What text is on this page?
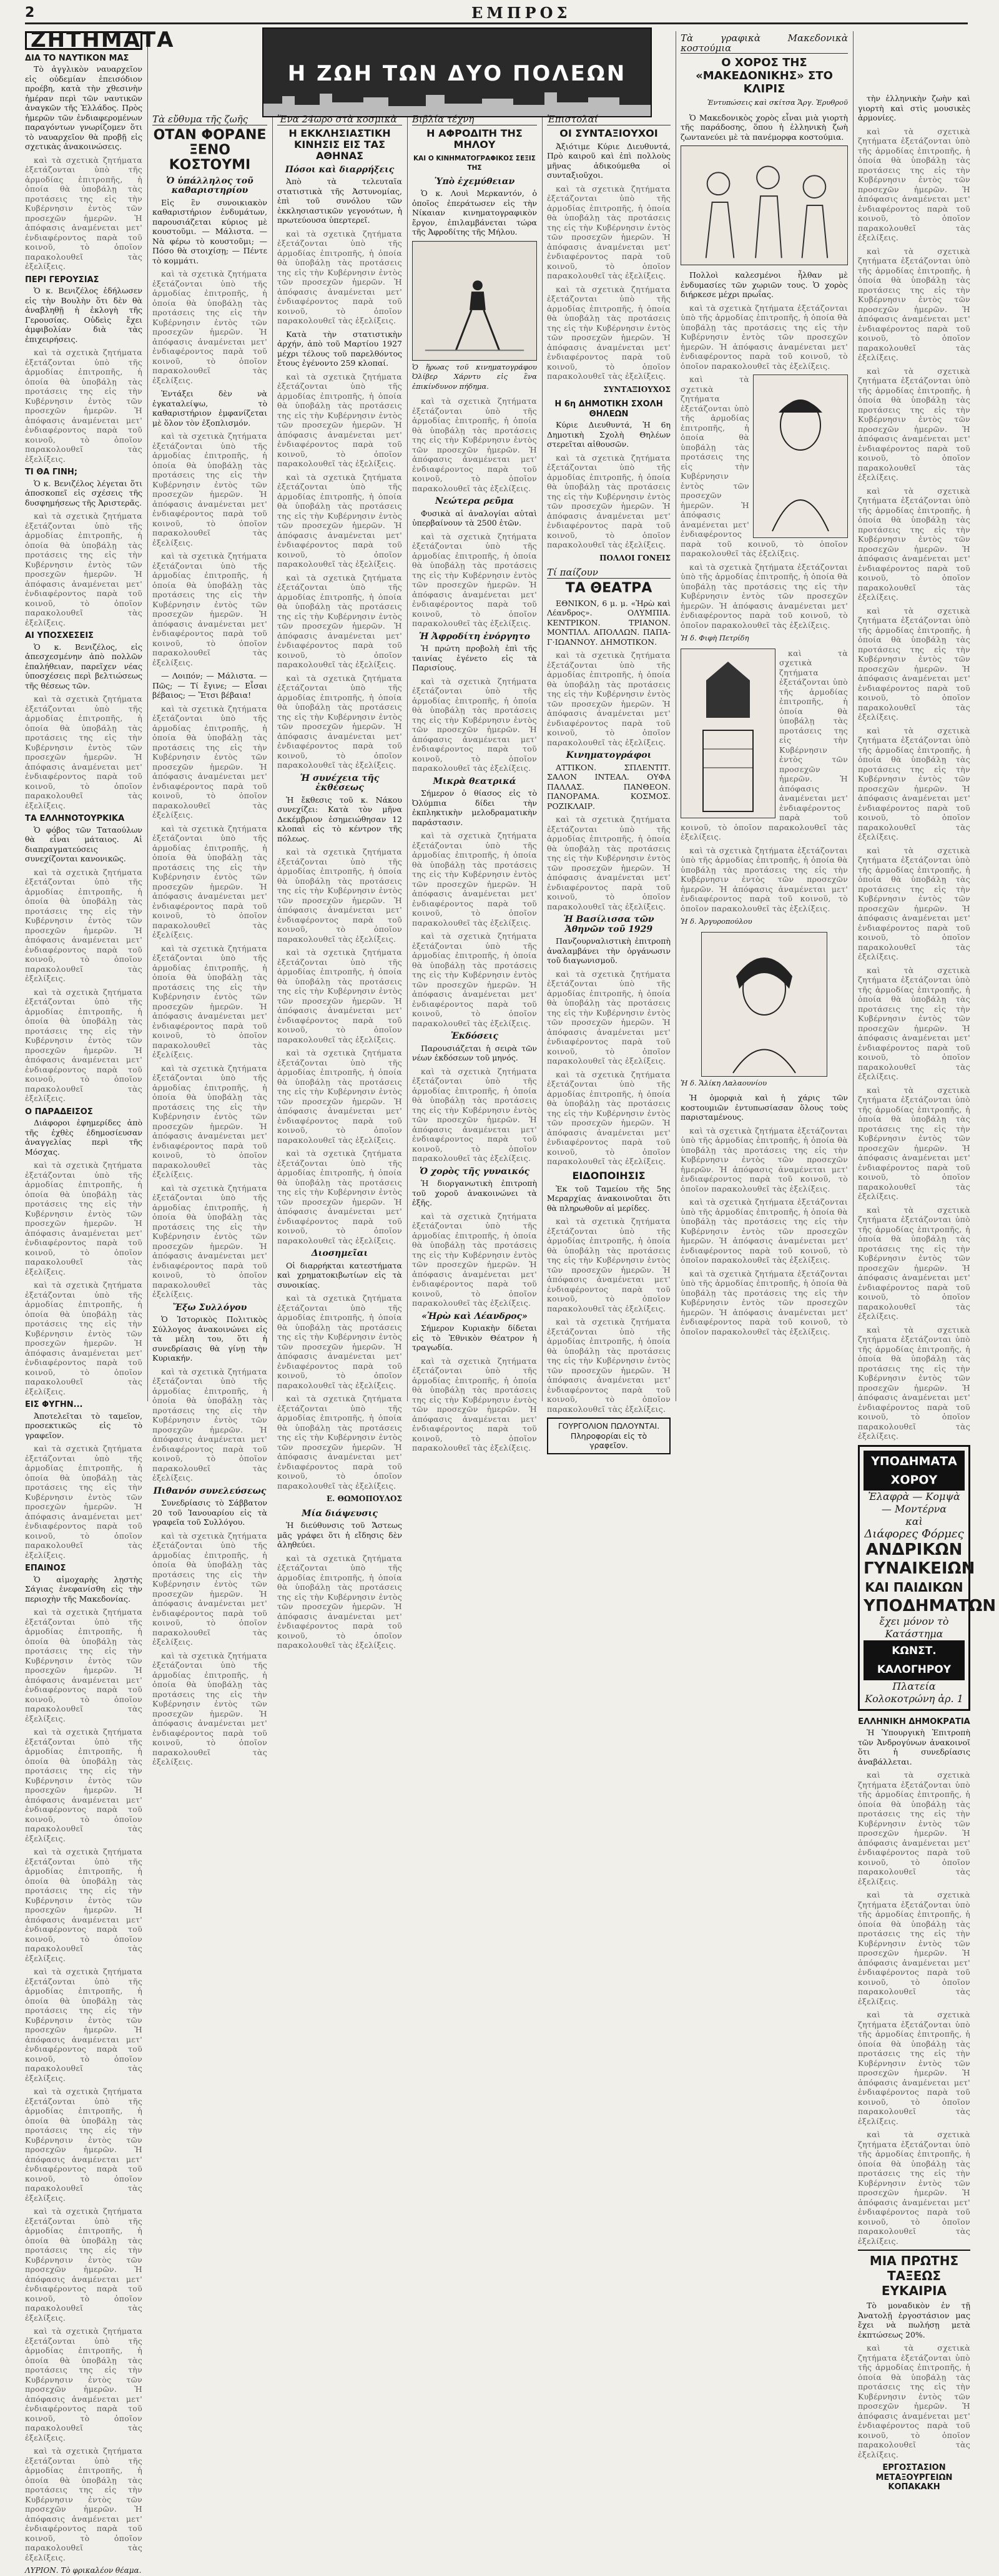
2	ΕΜΠΡΟΣ
Η ΖΩΗ ΤΩΝ ΔΥΟ ΠΟΛΕΩΝ
ΖΗΤΗΜΑΤΑ
ΔΙΑ ΤΟ ΝΑΥΤΙΚΟΝ ΜΑΣ

Τὸ ἀγγλικὸν ναυαρχεῖον εἰς οὐδεμίαν ἐπεισόδιον προέβη, κατὰ τὴν χθεσινὴν ἡμέραν περὶ τῶν ναυτικῶν ἀναγκῶν τῆς Ἑλλάδος. Πρὸς ἡμερῶν τῶν ἐνδιαφερομένων παραγόντων γνωρίζομεν ὅτι τὸ ναυαρχεῖον θὰ προβῇ εἰς σχετικὰς ἀνακοινώσεις.

καὶ τὰ σχετικὰ ζητήματα ἐξετάζονται ὑπὸ τῆς ἁρμοδίας ἐπιτροπῆς, ἡ ὁποία θὰ ὑποβάλῃ τὰς προτάσεις της εἰς τὴν Κυβέρνησιν ἐντὸς τῶν προσεχῶν ἡμερῶν. Ἡ ἀπόφασις ἀναμένεται μετ' ἐνδιαφέροντος παρὰ τοῦ κοινοῦ, τὸ ὁποῖον παρακολουθεῖ τὰς ἐξελίξεις.

ΠΕΡΙ ΓΕΡΟΥΣΙΑΣ

Ὁ κ. Βενιζέλος ἐδήλωσεν εἰς τὴν Βουλὴν ὅτι δὲν θὰ ἀναβληθῇ ἡ ἐκλογὴ τῆς Γερουσίας. Οὐδεὶς ἔχει ἀμφιβολίαν διὰ τὰς ἐπιχειρήσεις.

καὶ τὰ σχετικὰ ζητήματα ἐξετάζονται ὑπὸ τῆς ἁρμοδίας ἐπιτροπῆς, ἡ ὁποία θὰ ὑποβάλῃ τὰς προτάσεις της εἰς τὴν Κυβέρνησιν ἐντὸς τῶν προσεχῶν ἡμερῶν. Ἡ ἀπόφασις ἀναμένεται μετ' ἐνδιαφέροντος παρὰ τοῦ κοινοῦ, τὸ ὁποῖον παρακολουθεῖ τὰς ἐξελίξεις.

ΤΙ ΘΑ ΓΙΝΗ;

Ὁ κ. Βενιζέλος λέγεται ὅτι ἀποσκοπεῖ εἰς σχέσεις τῆς δυσφημήσεως τῆς Ἀριστερᾶς.

καὶ τὰ σχετικὰ ζητήματα ἐξετάζονται ὑπὸ τῆς ἁρμοδίας ἐπιτροπῆς, ἡ ὁποία θὰ ὑποβάλῃ τὰς προτάσεις της εἰς τὴν Κυβέρνησιν ἐντὸς τῶν προσεχῶν ἡμερῶν. Ἡ ἀπόφασις ἀναμένεται μετ' ἐνδιαφέροντος παρὰ τοῦ κοινοῦ, τὸ ὁποῖον παρακολουθεῖ τὰς ἐξελίξεις.

ΑΙ ΥΠΟΣΧΕΣΕΙΣ

Ὁ κ. Βενιζέλος, εἰς ἀπεσχεσμένην ἀπὸ πολλῶν ἐπαλήθειαν, παρεῖχεν νέας ὑποσχέσεις περὶ βελτιώσεως τῆς θέσεως τῶν.

καὶ τὰ σχετικὰ ζητήματα ἐξετάζονται ὑπὸ τῆς ἁρμοδίας ἐπιτροπῆς, ἡ ὁποία θὰ ὑποβάλῃ τὰς προτάσεις της εἰς τὴν Κυβέρνησιν ἐντὸς τῶν προσεχῶν ἡμερῶν. Ἡ ἀπόφασις ἀναμένεται μετ' ἐνδιαφέροντος παρὰ τοῦ κοινοῦ, τὸ ὁποῖον παρακολουθεῖ τὰς ἐξελίξεις.

ΤΑ ΕΛΛΗΝΟΤΟΥΡΚΙΚΑ

Ὁ φόβος τῶν Ταταούλων θὰ εἶναι μάταιος. Αἱ διαπραγματεύσεις συνεχίζονται κανονικῶς.

καὶ τὰ σχετικὰ ζητήματα ἐξετάζονται ὑπὸ τῆς ἁρμοδίας ἐπιτροπῆς, ἡ ὁποία θὰ ὑποβάλῃ τὰς προτάσεις της εἰς τὴν Κυβέρνησιν ἐντὸς τῶν προσεχῶν ἡμερῶν. Ἡ ἀπόφασις ἀναμένεται μετ' ἐνδιαφέροντος παρὰ τοῦ κοινοῦ, τὸ ὁποῖον παρακολουθεῖ τὰς ἐξελίξεις.

καὶ τὰ σχετικὰ ζητήματα ἐξετάζονται ὑπὸ τῆς ἁρμοδίας ἐπιτροπῆς, ἡ ὁποία θὰ ὑποβάλῃ τὰς προτάσεις της εἰς τὴν Κυβέρνησιν ἐντὸς τῶν προσεχῶν ἡμερῶν. Ἡ ἀπόφασις ἀναμένεται μετ' ἐνδιαφέροντος παρὰ τοῦ κοινοῦ, τὸ ὁποῖον παρακολουθεῖ τὰς ἐξελίξεις.

Ο ΠΑΡΑΔΕΙΣΟΣ

Διάφοροι ἐφημερίδες ἀπὸ τῆς ἐχθὲς ἐδημοσίευσαν ἀναγγελίας περὶ τῆς Μόσχας.

καὶ τὰ σχετικὰ ζητήματα ἐξετάζονται ὑπὸ τῆς ἁρμοδίας ἐπιτροπῆς, ἡ ὁποία θὰ ὑποβάλῃ τὰς προτάσεις της εἰς τὴν Κυβέρνησιν ἐντὸς τῶν προσεχῶν ἡμερῶν. Ἡ ἀπόφασις ἀναμένεται μετ' ἐνδιαφέροντος παρὰ τοῦ κοινοῦ, τὸ ὁποῖον παρακολουθεῖ τὰς ἐξελίξεις.

καὶ τὰ σχετικὰ ζητήματα ἐξετάζονται ὑπὸ τῆς ἁρμοδίας ἐπιτροπῆς, ἡ ὁποία θὰ ὑποβάλῃ τὰς προτάσεις της εἰς τὴν Κυβέρνησιν ἐντὸς τῶν προσεχῶν ἡμερῶν. Ἡ ἀπόφασις ἀναμένεται μετ' ἐνδιαφέροντος παρὰ τοῦ κοινοῦ, τὸ ὁποῖον παρακολουθεῖ τὰς ἐξελίξεις.

ΕΙΣ ΦΥΓΗΝ...

Ἀποτελεῖται τὸ ταμεῖον, προσεκτικῶς εἰς τὸ γραφεῖον.

καὶ τὰ σχετικὰ ζητήματα ἐξετάζονται ὑπὸ τῆς ἁρμοδίας ἐπιτροπῆς, ἡ ὁποία θὰ ὑποβάλῃ τὰς προτάσεις της εἰς τὴν Κυβέρνησιν ἐντὸς τῶν προσεχῶν ἡμερῶν. Ἡ ἀπόφασις ἀναμένεται μετ' ἐνδιαφέροντος παρὰ τοῦ κοινοῦ, τὸ ὁποῖον παρακολουθεῖ τὰς ἐξελίξεις.

ΕΠΑΙΝΟΣ

Ὁ αἰμοχαρὴς λῃστὴς Σάγιας ἐνεφανίσθη εἰς τὴν περιοχὴν τῆς Μακεδονίας.

καὶ τὰ σχετικὰ ζητήματα ἐξετάζονται ὑπὸ τῆς ἁρμοδίας ἐπιτροπῆς, ἡ ὁποία θὰ ὑποβάλῃ τὰς προτάσεις της εἰς τὴν Κυβέρνησιν ἐντὸς τῶν προσεχῶν ἡμερῶν. Ἡ ἀπόφασις ἀναμένεται μετ' ἐνδιαφέροντος παρὰ τοῦ κοινοῦ, τὸ ὁποῖον παρακολουθεῖ τὰς ἐξελίξεις.

καὶ τὰ σχετικὰ ζητήματα ἐξετάζονται ὑπὸ τῆς ἁρμοδίας ἐπιτροπῆς, ἡ ὁποία θὰ ὑποβάλῃ τὰς προτάσεις της εἰς τὴν Κυβέρνησιν ἐντὸς τῶν προσεχῶν ἡμερῶν. Ἡ ἀπόφασις ἀναμένεται μετ' ἐνδιαφέροντος παρὰ τοῦ κοινοῦ, τὸ ὁποῖον παρακολουθεῖ τὰς ἐξελίξεις.

καὶ τὰ σχετικὰ ζητήματα ἐξετάζονται ὑπὸ τῆς ἁρμοδίας ἐπιτροπῆς, ἡ ὁποία θὰ ὑποβάλῃ τὰς προτάσεις της εἰς τὴν Κυβέρνησιν ἐντὸς τῶν προσεχῶν ἡμερῶν. Ἡ ἀπόφασις ἀναμένεται μετ' ἐνδιαφέροντος παρὰ τοῦ κοινοῦ, τὸ ὁποῖον παρακολουθεῖ τὰς ἐξελίξεις.

καὶ τὰ σχετικὰ ζητήματα ἐξετάζονται ὑπὸ τῆς ἁρμοδίας ἐπιτροπῆς, ἡ ὁποία θὰ ὑποβάλῃ τὰς προτάσεις της εἰς τὴν Κυβέρνησιν ἐντὸς τῶν προσεχῶν ἡμερῶν. Ἡ ἀπόφασις ἀναμένεται μετ' ἐνδιαφέροντος παρὰ τοῦ κοινοῦ, τὸ ὁποῖον παρακολουθεῖ τὰς ἐξελίξεις.

καὶ τὰ σχετικὰ ζητήματα ἐξετάζονται ὑπὸ τῆς ἁρμοδίας ἐπιτροπῆς, ἡ ὁποία θὰ ὑποβάλῃ τὰς προτάσεις της εἰς τὴν Κυβέρνησιν ἐντὸς τῶν προσεχῶν ἡμερῶν. Ἡ ἀπόφασις ἀναμένεται μετ' ἐνδιαφέροντος παρὰ τοῦ κοινοῦ, τὸ ὁποῖον παρακολουθεῖ τὰς ἐξελίξεις.

καὶ τὰ σχετικὰ ζητήματα ἐξετάζονται ὑπὸ τῆς ἁρμοδίας ἐπιτροπῆς, ἡ ὁποία θὰ ὑποβάλῃ τὰς προτάσεις της εἰς τὴν Κυβέρνησιν ἐντὸς τῶν προσεχῶν ἡμερῶν. Ἡ ἀπόφασις ἀναμένεται μετ' ἐνδιαφέροντος παρὰ τοῦ κοινοῦ, τὸ ὁποῖον παρακολουθεῖ τὰς ἐξελίξεις.

καὶ τὰ σχετικὰ ζητήματα ἐξετάζονται ὑπὸ τῆς ἁρμοδίας ἐπιτροπῆς, ἡ ὁποία θὰ ὑποβάλῃ τὰς προτάσεις της εἰς τὴν Κυβέρνησιν ἐντὸς τῶν προσεχῶν ἡμερῶν. Ἡ ἀπόφασις ἀναμένεται μετ' ἐνδιαφέροντος παρὰ τοῦ κοινοῦ, τὸ ὁποῖον παρακολουθεῖ τὰς ἐξελίξεις.

καὶ τὰ σχετικὰ ζητήματα ἐξετάζονται ὑπὸ τῆς ἁρμοδίας ἐπιτροπῆς, ἡ ὁποία θὰ ὑποβάλῃ τὰς προτάσεις της εἰς τὴν Κυβέρνησιν ἐντὸς τῶν προσεχῶν ἡμερῶν. Ἡ ἀπόφασις ἀναμένεται μετ' ἐνδιαφέροντος παρὰ τοῦ κοινοῦ, τὸ ὁποῖον παρακολουθεῖ τὰς ἐξελίξεις.

ΛΥΡΙΟΝ. Τὸ φρικαλέον θέαμα.
Τὰ εὔθυμα τῆς ζωῆς
ΟΤΑΝ ΦΟΡΑΝΕ ΞΕΝΟ ΚΟΣΤΟΥΜΙ
Ὁ ὑπάλληλος τοῦ καθαριστηρίου

Εἰς ἓν συνοικιακὸν καθαριστήριον ἐνδυμάτων, παρουσιάζεται κύριος μὲ κουστοῦμι. — Μάλιστα. — Νὰ φέρω τὸ κουστοῦμι; — Πόσο θὰ στοιχίσῃ; — Πέντε τὸ κομμάτι.

καὶ τὰ σχετικὰ ζητήματα ἐξετάζονται ὑπὸ τῆς ἁρμοδίας ἐπιτροπῆς, ἡ ὁποία θὰ ὑποβάλῃ τὰς προτάσεις της εἰς τὴν Κυβέρνησιν ἐντὸς τῶν προσεχῶν ἡμερῶν. Ἡ ἀπόφασις ἀναμένεται μετ' ἐνδιαφέροντος παρὰ τοῦ κοινοῦ, τὸ ὁποῖον παρακολουθεῖ τὰς ἐξελίξεις.

Ἐντάξει δὲν νὰ ἐγκαταλείψω, τὸ καθαριστήριον ἐμφανίζεται μὲ ὅλον τὸν ἐξοπλισμόν.

καὶ τὰ σχετικὰ ζητήματα ἐξετάζονται ὑπὸ τῆς ἁρμοδίας ἐπιτροπῆς, ἡ ὁποία θὰ ὑποβάλῃ τὰς προτάσεις της εἰς τὴν Κυβέρνησιν ἐντὸς τῶν προσεχῶν ἡμερῶν. Ἡ ἀπόφασις ἀναμένεται μετ' ἐνδιαφέροντος παρὰ τοῦ κοινοῦ, τὸ ὁποῖον παρακολουθεῖ τὰς ἐξελίξεις.

καὶ τὰ σχετικὰ ζητήματα ἐξετάζονται ὑπὸ τῆς ἁρμοδίας ἐπιτροπῆς, ἡ ὁποία θὰ ὑποβάλῃ τὰς προτάσεις της εἰς τὴν Κυβέρνησιν ἐντὸς τῶν προσεχῶν ἡμερῶν. Ἡ ἀπόφασις ἀναμένεται μετ' ἐνδιαφέροντος παρὰ τοῦ κοινοῦ, τὸ ὁποῖον παρακολουθεῖ τὰς ἐξελίξεις.

— Λοιπόν; — Μάλιστα. — Πῶς; — Τί ἔγινε; — Εἶσαι βέβαιος; — Ἔτσι βέβαια!

καὶ τὰ σχετικὰ ζητήματα ἐξετάζονται ὑπὸ τῆς ἁρμοδίας ἐπιτροπῆς, ἡ ὁποία θὰ ὑποβάλῃ τὰς προτάσεις της εἰς τὴν Κυβέρνησιν ἐντὸς τῶν προσεχῶν ἡμερῶν. Ἡ ἀπόφασις ἀναμένεται μετ' ἐνδιαφέροντος παρὰ τοῦ κοινοῦ, τὸ ὁποῖον παρακολουθεῖ τὰς ἐξελίξεις.

καὶ τὰ σχετικὰ ζητήματα ἐξετάζονται ὑπὸ τῆς ἁρμοδίας ἐπιτροπῆς, ἡ ὁποία θὰ ὑποβάλῃ τὰς προτάσεις της εἰς τὴν Κυβέρνησιν ἐντὸς τῶν προσεχῶν ἡμερῶν. Ἡ ἀπόφασις ἀναμένεται μετ' ἐνδιαφέροντος παρὰ τοῦ κοινοῦ, τὸ ὁποῖον παρακολουθεῖ τὰς ἐξελίξεις.

καὶ τὰ σχετικὰ ζητήματα ἐξετάζονται ὑπὸ τῆς ἁρμοδίας ἐπιτροπῆς, ἡ ὁποία θὰ ὑποβάλῃ τὰς προτάσεις της εἰς τὴν Κυβέρνησιν ἐντὸς τῶν προσεχῶν ἡμερῶν. Ἡ ἀπόφασις ἀναμένεται μετ' ἐνδιαφέροντος παρὰ τοῦ κοινοῦ, τὸ ὁποῖον παρακολουθεῖ τὰς ἐξελίξεις.

καὶ τὰ σχετικὰ ζητήματα ἐξετάζονται ὑπὸ τῆς ἁρμοδίας ἐπιτροπῆς, ἡ ὁποία θὰ ὑποβάλῃ τὰς προτάσεις της εἰς τὴν Κυβέρνησιν ἐντὸς τῶν προσεχῶν ἡμερῶν. Ἡ ἀπόφασις ἀναμένεται μετ' ἐνδιαφέροντος παρὰ τοῦ κοινοῦ, τὸ ὁποῖον παρακολουθεῖ τὰς ἐξελίξεις.

καὶ τὰ σχετικὰ ζητήματα ἐξετάζονται ὑπὸ τῆς ἁρμοδίας ἐπιτροπῆς, ἡ ὁποία θὰ ὑποβάλῃ τὰς προτάσεις της εἰς τὴν Κυβέρνησιν ἐντὸς τῶν προσεχῶν ἡμερῶν. Ἡ ἀπόφασις ἀναμένεται μετ' ἐνδιαφέροντος παρὰ τοῦ κοινοῦ, τὸ ὁποῖον παρακολουθεῖ τὰς ἐξελίξεις.

Ἔξω Συλλόγου

Ὁ Ἱστορικὸς Πολιτικὸς Σύλλογος ἀνακοινώνει εἰς τὰ μέλη του, ὅτι ἡ συνεδρίασις θὰ γίνῃ τὴν Κυριακήν.

καὶ τὰ σχετικὰ ζητήματα ἐξετάζονται ὑπὸ τῆς ἁρμοδίας ἐπιτροπῆς, ἡ ὁποία θὰ ὑποβάλῃ τὰς προτάσεις της εἰς τὴν Κυβέρνησιν ἐντὸς τῶν προσεχῶν ἡμερῶν. Ἡ ἀπόφασις ἀναμένεται μετ' ἐνδιαφέροντος παρὰ τοῦ κοινοῦ, τὸ ὁποῖον παρακολουθεῖ τὰς ἐξελίξεις.

Πιθανόν συνελεύσεως

Συνεδρίασις τὸ Σάββατον 20 τοῦ Ἰανουαρίου εἰς τὰ γραφεῖα τοῦ Συλλόγου.

καὶ τὰ σχετικὰ ζητήματα ἐξετάζονται ὑπὸ τῆς ἁρμοδίας ἐπιτροπῆς, ἡ ὁποία θὰ ὑποβάλῃ τὰς προτάσεις της εἰς τὴν Κυβέρνησιν ἐντὸς τῶν προσεχῶν ἡμερῶν. Ἡ ἀπόφασις ἀναμένεται μετ' ἐνδιαφέροντος παρὰ τοῦ κοινοῦ, τὸ ὁποῖον παρακολουθεῖ τὰς ἐξελίξεις.

καὶ τὰ σχετικὰ ζητήματα ἐξετάζονται ὑπὸ τῆς ἁρμοδίας ἐπιτροπῆς, ἡ ὁποία θὰ ὑποβάλῃ τὰς προτάσεις της εἰς τὴν Κυβέρνησιν ἐντὸς τῶν προσεχῶν ἡμερῶν. Ἡ ἀπόφασις ἀναμένεται μετ' ἐνδιαφέροντος παρὰ τοῦ κοινοῦ, τὸ ὁποῖον παρακολουθεῖ τὰς ἐξελίξεις.

Ἕνα 24ωρο στὰ κοσμικὰ
Η ΕΚΚΛΗΣΙΑΣΤΙΚΗ ΚΙΝΗΣΙΣ ΕΙΣ ΤΑΣ ΑΘΗΝΑΣ
Πόσοι καὶ διαρρήξεις

Ἀπὸ τὰ τελευταῖα στατιστικὰ τῆς Ἀστυνομίας, ἐπὶ τοῦ συνόλου τῶν ἐκκλησιαστικῶν γεγονότων, ἡ πρωτεύουσα ὑπερτερεῖ.

καὶ τὰ σχετικὰ ζητήματα ἐξετάζονται ὑπὸ τῆς ἁρμοδίας ἐπιτροπῆς, ἡ ὁποία θὰ ὑποβάλῃ τὰς προτάσεις της εἰς τὴν Κυβέρνησιν ἐντὸς τῶν προσεχῶν ἡμερῶν. Ἡ ἀπόφασις ἀναμένεται μετ' ἐνδιαφέροντος παρὰ τοῦ κοινοῦ, τὸ ὁποῖον παρακολουθεῖ τὰς ἐξελίξεις.

Κατὰ τὴν στατιστικὴν ἀρχήν, ἀπὸ τοῦ Μαρτίου 1927 μέχρι τέλους τοῦ παρελθόντος ἔτους ἐγένοντο 259 κλοπαί.

καὶ τὰ σχετικὰ ζητήματα ἐξετάζονται ὑπὸ τῆς ἁρμοδίας ἐπιτροπῆς, ἡ ὁποία θὰ ὑποβάλῃ τὰς προτάσεις της εἰς τὴν Κυβέρνησιν ἐντὸς τῶν προσεχῶν ἡμερῶν. Ἡ ἀπόφασις ἀναμένεται μετ' ἐνδιαφέροντος παρὰ τοῦ κοινοῦ, τὸ ὁποῖον παρακολουθεῖ τὰς ἐξελίξεις.

καὶ τὰ σχετικὰ ζητήματα ἐξετάζονται ὑπὸ τῆς ἁρμοδίας ἐπιτροπῆς, ἡ ὁποία θὰ ὑποβάλῃ τὰς προτάσεις της εἰς τὴν Κυβέρνησιν ἐντὸς τῶν προσεχῶν ἡμερῶν. Ἡ ἀπόφασις ἀναμένεται μετ' ἐνδιαφέροντος παρὰ τοῦ κοινοῦ, τὸ ὁποῖον παρακολουθεῖ τὰς ἐξελίξεις.

καὶ τὰ σχετικὰ ζητήματα ἐξετάζονται ὑπὸ τῆς ἁρμοδίας ἐπιτροπῆς, ἡ ὁποία θὰ ὑποβάλῃ τὰς προτάσεις της εἰς τὴν Κυβέρνησιν ἐντὸς τῶν προσεχῶν ἡμερῶν. Ἡ ἀπόφασις ἀναμένεται μετ' ἐνδιαφέροντος παρὰ τοῦ κοινοῦ, τὸ ὁποῖον παρακολουθεῖ τὰς ἐξελίξεις.

καὶ τὰ σχετικὰ ζητήματα ἐξετάζονται ὑπὸ τῆς ἁρμοδίας ἐπιτροπῆς, ἡ ὁποία θὰ ὑποβάλῃ τὰς προτάσεις της εἰς τὴν Κυβέρνησιν ἐντὸς τῶν προσεχῶν ἡμερῶν. Ἡ ἀπόφασις ἀναμένεται μετ' ἐνδιαφέροντος παρὰ τοῦ κοινοῦ, τὸ ὁποῖον παρακολουθεῖ τὰς ἐξελίξεις.

Ἡ συνέχεια τῆς ἐκθέσεως

Ἡ ἔκθεσις τοῦ κ. Νάκου συνεχίζει: Κατὰ τὸν μῆνα Δεκέμβριον ἐσημειώθησαν 12 κλοπαὶ εἰς τὸ κέντρον τῆς πόλεως.

καὶ τὰ σχετικὰ ζητήματα ἐξετάζονται ὑπὸ τῆς ἁρμοδίας ἐπιτροπῆς, ἡ ὁποία θὰ ὑποβάλῃ τὰς προτάσεις της εἰς τὴν Κυβέρνησιν ἐντὸς τῶν προσεχῶν ἡμερῶν. Ἡ ἀπόφασις ἀναμένεται μετ' ἐνδιαφέροντος παρὰ τοῦ κοινοῦ, τὸ ὁποῖον παρακολουθεῖ τὰς ἐξελίξεις.

καὶ τὰ σχετικὰ ζητήματα ἐξετάζονται ὑπὸ τῆς ἁρμοδίας ἐπιτροπῆς, ἡ ὁποία θὰ ὑποβάλῃ τὰς προτάσεις της εἰς τὴν Κυβέρνησιν ἐντὸς τῶν προσεχῶν ἡμερῶν. Ἡ ἀπόφασις ἀναμένεται μετ' ἐνδιαφέροντος παρὰ τοῦ κοινοῦ, τὸ ὁποῖον παρακολουθεῖ τὰς ἐξελίξεις.

καὶ τὰ σχετικὰ ζητήματα ἐξετάζονται ὑπὸ τῆς ἁρμοδίας ἐπιτροπῆς, ἡ ὁποία θὰ ὑποβάλῃ τὰς προτάσεις της εἰς τὴν Κυβέρνησιν ἐντὸς τῶν προσεχῶν ἡμερῶν. Ἡ ἀπόφασις ἀναμένεται μετ' ἐνδιαφέροντος παρὰ τοῦ κοινοῦ, τὸ ὁποῖον παρακολουθεῖ τὰς ἐξελίξεις.

καὶ τὰ σχετικὰ ζητήματα ἐξετάζονται ὑπὸ τῆς ἁρμοδίας ἐπιτροπῆς, ἡ ὁποία θὰ ὑποβάλῃ τὰς προτάσεις της εἰς τὴν Κυβέρνησιν ἐντὸς τῶν προσεχῶν ἡμερῶν. Ἡ ἀπόφασις ἀναμένεται μετ' ἐνδιαφέροντος παρὰ τοῦ κοινοῦ, τὸ ὁποῖον παρακολουθεῖ τὰς ἐξελίξεις.

Διοσημεῖαι

Οἱ διαρρήκται κατεστήματα καὶ χρηματοκιβωτίων εἰς τὰ συνοικίας.

καὶ τὰ σχετικὰ ζητήματα ἐξετάζονται ὑπὸ τῆς ἁρμοδίας ἐπιτροπῆς, ἡ ὁποία θὰ ὑποβάλῃ τὰς προτάσεις της εἰς τὴν Κυβέρνησιν ἐντὸς τῶν προσεχῶν ἡμερῶν. Ἡ ἀπόφασις ἀναμένεται μετ' ἐνδιαφέροντος παρὰ τοῦ κοινοῦ, τὸ ὁποῖον παρακολουθεῖ τὰς ἐξελίξεις.

καὶ τὰ σχετικὰ ζητήματα ἐξετάζονται ὑπὸ τῆς ἁρμοδίας ἐπιτροπῆς, ἡ ὁποία θὰ ὑποβάλῃ τὰς προτάσεις της εἰς τὴν Κυβέρνησιν ἐντὸς τῶν προσεχῶν ἡμερῶν. Ἡ ἀπόφασις ἀναμένεται μετ' ἐνδιαφέροντος παρὰ τοῦ κοινοῦ, τὸ ὁποῖον παρακολουθεῖ τὰς ἐξελίξεις.

Ε. ΘΩΜΟΠΟΥΛΟΣ
Μία διάψευσις

Ἡ διεύθυνσις τοῦ Ἄστεως μᾶς γράφει ὅτι ἡ εἴδησις δὲν ἀληθεύει.

καὶ τὰ σχετικὰ ζητήματα ἐξετάζονται ὑπὸ τῆς ἁρμοδίας ἐπιτροπῆς, ἡ ὁποία θὰ ὑποβάλῃ τὰς προτάσεις της εἰς τὴν Κυβέρνησιν ἐντὸς τῶν προσεχῶν ἡμερῶν. Ἡ ἀπόφασις ἀναμένεται μετ' ἐνδιαφέροντος παρὰ τοῦ κοινοῦ, τὸ ὁποῖον παρακολουθεῖ τὰς ἐξελίξεις.

Βιβλία τέχνη
Η ΑΦΡΟΔΙΤΗ ΤΗΣ ΜΗΛΟΥ
ΚΑΙ Ο ΚΙΝΗΜΑΤΟΓΡΑΦΙΚΟΣ ΣΕΞΙΣ ΤΗΣ
Ὑπὸ ἐχεμύθειαν

Ὁ κ. Λουὶ Μερκαντόν, ὁ ὁποῖος ἐπεράτωσεν εἰς τὴν Νίκαιαν κινηματογραφικὸν ἔργον, ἐπιλαμβάνεται τώρα τῆς Ἀφροδίτης τῆς Μήλου.

Ὁ ἥρωας τοῦ κινηματογράφου Ὀλίβερ Χάρντυ εἰς ἓνα ἐπικίνδυνον πήδημα.

καὶ τὰ σχετικὰ ζητήματα ἐξετάζονται ὑπὸ τῆς ἁρμοδίας ἐπιτροπῆς, ἡ ὁποία θὰ ὑποβάλῃ τὰς προτάσεις της εἰς τὴν Κυβέρνησιν ἐντὸς τῶν προσεχῶν ἡμερῶν. Ἡ ἀπόφασις ἀναμένεται μετ' ἐνδιαφέροντος παρὰ τοῦ κοινοῦ, τὸ ὁποῖον παρακολουθεῖ τὰς ἐξελίξεις.

Νεώτερα ρεῦμα

Φυσικὰ αἱ ἀναλογίαι αὐταὶ ὑπερβαίνουν τὰ 2500 ἐτῶν.

καὶ τὰ σχετικὰ ζητήματα ἐξετάζονται ὑπὸ τῆς ἁρμοδίας ἐπιτροπῆς, ἡ ὁποία θὰ ὑποβάλῃ τὰς προτάσεις της εἰς τὴν Κυβέρνησιν ἐντὸς τῶν προσεχῶν ἡμερῶν. Ἡ ἀπόφασις ἀναμένεται μετ' ἐνδιαφέροντος παρὰ τοῦ κοινοῦ, τὸ ὁποῖον παρακολουθεῖ τὰς ἐξελίξεις.

Ἡ Ἀφροδίτη ἐνόργητο

Ἡ πρώτη προβολὴ ἐπὶ τῆς ταινίας ἐγένετο εἰς τὰ Παρισίους.

καὶ τὰ σχετικὰ ζητήματα ἐξετάζονται ὑπὸ τῆς ἁρμοδίας ἐπιτροπῆς, ἡ ὁποία θὰ ὑποβάλῃ τὰς προτάσεις της εἰς τὴν Κυβέρνησιν ἐντὸς τῶν προσεχῶν ἡμερῶν. Ἡ ἀπόφασις ἀναμένεται μετ' ἐνδιαφέροντος παρὰ τοῦ κοινοῦ, τὸ ὁποῖον παρακολουθεῖ τὰς ἐξελίξεις.

Μικρὰ θεατρικά

Σήμερον ὁ θίασος εἰς τὸ Ὀλύμπια δίδει τὴν ἐκπληκτικὴν μελοδραματικὴν παράστασιν.

καὶ τὰ σχετικὰ ζητήματα ἐξετάζονται ὑπὸ τῆς ἁρμοδίας ἐπιτροπῆς, ἡ ὁποία θὰ ὑποβάλῃ τὰς προτάσεις της εἰς τὴν Κυβέρνησιν ἐντὸς τῶν προσεχῶν ἡμερῶν. Ἡ ἀπόφασις ἀναμένεται μετ' ἐνδιαφέροντος παρὰ τοῦ κοινοῦ, τὸ ὁποῖον παρακολουθεῖ τὰς ἐξελίξεις.

καὶ τὰ σχετικὰ ζητήματα ἐξετάζονται ὑπὸ τῆς ἁρμοδίας ἐπιτροπῆς, ἡ ὁποία θὰ ὑποβάλῃ τὰς προτάσεις της εἰς τὴν Κυβέρνησιν ἐντὸς τῶν προσεχῶν ἡμερῶν. Ἡ ἀπόφασις ἀναμένεται μετ' ἐνδιαφέροντος παρὰ τοῦ κοινοῦ, τὸ ὁποῖον παρακολουθεῖ τὰς ἐξελίξεις.

Ἐκδόσεις

Παρουσιάζεται ἡ σειρὰ τῶν νέων ἐκδόσεων τοῦ μηνός.

καὶ τὰ σχετικὰ ζητήματα ἐξετάζονται ὑπὸ τῆς ἁρμοδίας ἐπιτροπῆς, ἡ ὁποία θὰ ὑποβάλῃ τὰς προτάσεις της εἰς τὴν Κυβέρνησιν ἐντὸς τῶν προσεχῶν ἡμερῶν. Ἡ ἀπόφασις ἀναμένεται μετ' ἐνδιαφέροντος παρὰ τοῦ κοινοῦ, τὸ ὁποῖον παρακολουθεῖ τὰς ἐξελίξεις.

Ὁ χορὸς τῆς γυναικός

Ἡ διοργανωτικὴ ἐπιτροπὴ τοῦ χοροῦ ἀνακοινώνει τὰ ἑξῆς.

καὶ τὰ σχετικὰ ζητήματα ἐξετάζονται ὑπὸ τῆς ἁρμοδίας ἐπιτροπῆς, ἡ ὁποία θὰ ὑποβάλῃ τὰς προτάσεις της εἰς τὴν Κυβέρνησιν ἐντὸς τῶν προσεχῶν ἡμερῶν. Ἡ ἀπόφασις ἀναμένεται μετ' ἐνδιαφέροντος παρὰ τοῦ κοινοῦ, τὸ ὁποῖον παρακολουθεῖ τὰς ἐξελίξεις.

«Ἡρὼ καὶ Λέανδρος»

Σήμερον Κυριακὴν δίδεται εἰς τὸ Ἐθνικὸν Θέατρον ἡ τραγωδία.

καὶ τὰ σχετικὰ ζητήματα ἐξετάζονται ὑπὸ τῆς ἁρμοδίας ἐπιτροπῆς, ἡ ὁποία θὰ ὑποβάλῃ τὰς προτάσεις της εἰς τὴν Κυβέρνησιν ἐντὸς τῶν προσεχῶν ἡμερῶν. Ἡ ἀπόφασις ἀναμένεται μετ' ἐνδιαφέροντος παρὰ τοῦ κοινοῦ, τὸ ὁποῖον παρακολουθεῖ τὰς ἐξελίξεις.

Ἐπιστολαί
ΟΙ ΣΥΝΤΑΞΙΟΥΧΟΙ

Ἀξιότιμε Κύριε Διευθυντά, Πρὸ καιροῦ καὶ ἐπὶ πολλοὺς μῆνας ἀδικούμεθα οἱ συνταξιοῦχοι.

καὶ τὰ σχετικὰ ζητήματα ἐξετάζονται ὑπὸ τῆς ἁρμοδίας ἐπιτροπῆς, ἡ ὁποία θὰ ὑποβάλῃ τὰς προτάσεις της εἰς τὴν Κυβέρνησιν ἐντὸς τῶν προσεχῶν ἡμερῶν. Ἡ ἀπόφασις ἀναμένεται μετ' ἐνδιαφέροντος παρὰ τοῦ κοινοῦ, τὸ ὁποῖον παρακολουθεῖ τὰς ἐξελίξεις.

καὶ τὰ σχετικὰ ζητήματα ἐξετάζονται ὑπὸ τῆς ἁρμοδίας ἐπιτροπῆς, ἡ ὁποία θὰ ὑποβάλῃ τὰς προτάσεις της εἰς τὴν Κυβέρνησιν ἐντὸς τῶν προσεχῶν ἡμερῶν. Ἡ ἀπόφασις ἀναμένεται μετ' ἐνδιαφέροντος παρὰ τοῦ κοινοῦ, τὸ ὁποῖον παρακολουθεῖ τὰς ἐξελίξεις.

ΣΥΝΤΑΞΙΟΥΧΟΣ
Η 6η ΔΗΜΟΤΙΚΗ ΣΧΟΛΗ ΘΗΛΕΩΝ

Κύριε Διευθυντά, Ἡ 6η Δημοτικὴ Σχολὴ Θηλέων στερεῖται αἰθουσῶν.

καὶ τὰ σχετικὰ ζητήματα ἐξετάζονται ὑπὸ τῆς ἁρμοδίας ἐπιτροπῆς, ἡ ὁποία θὰ ὑποβάλῃ τὰς προτάσεις της εἰς τὴν Κυβέρνησιν ἐντὸς τῶν προσεχῶν ἡμερῶν. Ἡ ἀπόφασις ἀναμένεται μετ' ἐνδιαφέροντος παρὰ τοῦ κοινοῦ, τὸ ὁποῖον παρακολουθεῖ τὰς ἐξελίξεις.

ΠΟΛΛΟΙ ΓΟΝΕΙΣ
Τί παίζουν
ΤΑ ΘΕΑΤΡΑ

ΕΘΝΙΚΟΝ, 6 μ. μ. «Ἡρὼ καὶ Λέανδρος». ΟΛΥΜΠΙΑ. ΚΕΝΤΡΙΚΟΝ. ΤΡΙΑΝΟΝ. ΜΟΝΤΙΛΛ. ΑΠΟΛΛΩΝ. ΠΑΠΑ-Γ·ΙΩΑΝΝΟΥ. ΔΗΜΟΤΙΚΟΝ.

καὶ τὰ σχετικὰ ζητήματα ἐξετάζονται ὑπὸ τῆς ἁρμοδίας ἐπιτροπῆς, ἡ ὁποία θὰ ὑποβάλῃ τὰς προτάσεις της εἰς τὴν Κυβέρνησιν ἐντὸς τῶν προσεχῶν ἡμερῶν. Ἡ ἀπόφασις ἀναμένεται μετ' ἐνδιαφέροντος παρὰ τοῦ κοινοῦ, τὸ ὁποῖον παρακολουθεῖ τὰς ἐξελίξεις.

Κινηματογράφοι

ΑΤΤΙΚΟΝ. ΣΠΛΕΝΤΙΤ. ΣΑΛΟΝ ΙΝΤΕΑΛ. ΟΥΦΑ ΠΑΛΛΑΣ. ΠΑΝΘΕΟΝ. ΠΑΝΟΡΑΜΑ. ΚΟΣΜΟΣ. ΡΟΖΙΚΛΑΙΡ.

καὶ τὰ σχετικὰ ζητήματα ἐξετάζονται ὑπὸ τῆς ἁρμοδίας ἐπιτροπῆς, ἡ ὁποία θὰ ὑποβάλῃ τὰς προτάσεις της εἰς τὴν Κυβέρνησιν ἐντὸς τῶν προσεχῶν ἡμερῶν. Ἡ ἀπόφασις ἀναμένεται μετ' ἐνδιαφέροντος παρὰ τοῦ κοινοῦ, τὸ ὁποῖον παρακολουθεῖ τὰς ἐξελίξεις.

Ἡ Βασίλισσα τῶν Ἀθηνῶν τοῦ 1929

Πανζουρναλιστικὴ ἐπιτροπὴ ἀναλαμβάνει τὴν ὀργάνωσιν τοῦ διαγωνισμοῦ.

καὶ τὰ σχετικὰ ζητήματα ἐξετάζονται ὑπὸ τῆς ἁρμοδίας ἐπιτροπῆς, ἡ ὁποία θὰ ὑποβάλῃ τὰς προτάσεις της εἰς τὴν Κυβέρνησιν ἐντὸς τῶν προσεχῶν ἡμερῶν. Ἡ ἀπόφασις ἀναμένεται μετ' ἐνδιαφέροντος παρὰ τοῦ κοινοῦ, τὸ ὁποῖον παρακολουθεῖ τὰς ἐξελίξεις.

καὶ τὰ σχετικὰ ζητήματα ἐξετάζονται ὑπὸ τῆς ἁρμοδίας ἐπιτροπῆς, ἡ ὁποία θὰ ὑποβάλῃ τὰς προτάσεις της εἰς τὴν Κυβέρνησιν ἐντὸς τῶν προσεχῶν ἡμερῶν. Ἡ ἀπόφασις ἀναμένεται μετ' ἐνδιαφέροντος παρὰ τοῦ κοινοῦ, τὸ ὁποῖον παρακολουθεῖ τὰς ἐξελίξεις.

ΕΙΔΟΠΟΙΗΣΙΣ

Ἐκ τοῦ Ταμείου τῆς 5ης Μεραρχίας ἀνακοινοῦται ὅτι θὰ πληρωθοῦν αἱ μερίδες.

καὶ τὰ σχετικὰ ζητήματα ἐξετάζονται ὑπὸ τῆς ἁρμοδίας ἐπιτροπῆς, ἡ ὁποία θὰ ὑποβάλῃ τὰς προτάσεις της εἰς τὴν Κυβέρνησιν ἐντὸς τῶν προσεχῶν ἡμερῶν. Ἡ ἀπόφασις ἀναμένεται μετ' ἐνδιαφέροντος παρὰ τοῦ κοινοῦ, τὸ ὁποῖον παρακολουθεῖ τὰς ἐξελίξεις.

καὶ τὰ σχετικὰ ζητήματα ἐξετάζονται ὑπὸ τῆς ἁρμοδίας ἐπιτροπῆς, ἡ ὁποία θὰ ὑποβάλῃ τὰς προτάσεις της εἰς τὴν Κυβέρνησιν ἐντὸς τῶν προσεχῶν ἡμερῶν. Ἡ ἀπόφασις ἀναμένεται μετ' ἐνδιαφέροντος παρὰ τοῦ κοινοῦ, τὸ ὁποῖον παρακολουθεῖ τὰς ἐξελίξεις.

ΓΟΥΡΓΟΛΙΟΝ ΠΩΛΟΥΝΤΑΙ. Πληροφορίαι εἰς τὸ γραφεῖον.
Τὰ γραφικὰ Μακεδονικὰ κοστούμια
Ο ΧΟΡΟΣ ΤΗΣ «ΜΑΚΕΔΟΝΙΚΗΣ» ΣΤΟ ΚΛΙΡΙΣ
Ἐντυπώσεις καὶ σκίτσα Ἄργ. Ἐρυθροῦ

Ὁ Μακεδονικὸς χορὸς εἶναι μιὰ γιορτὴ τῆς παράδοσης, ὅπου ἡ ἑλληνικὴ ζωὴ ζωντανεύει μὲ τὰ πανέμορφα κοστούμια.

Πολλοὶ καλεσμένοι ἦλθαν μὲ ἐνδυμασίες τῶν χωριῶν τους. Ὁ χορὸς διήρκεσε μέχρι πρωΐας.

καὶ τὰ σχετικὰ ζητήματα ἐξετάζονται ὑπὸ τῆς ἁρμοδίας ἐπιτροπῆς, ἡ ὁποία θὰ ὑποβάλῃ τὰς προτάσεις της εἰς τὴν Κυβέρνησιν ἐντὸς τῶν προσεχῶν ἡμερῶν. Ἡ ἀπόφασις ἀναμένεται μετ' ἐνδιαφέροντος παρὰ τοῦ κοινοῦ, τὸ ὁποῖον παρακολουθεῖ τὰς ἐξελίξεις.

καὶ τὰ σχετικὰ ζητήματα ἐξετάζονται ὑπὸ τῆς ἁρμοδίας ἐπιτροπῆς, ἡ ὁποία θὰ ὑποβάλῃ τὰς προτάσεις της εἰς τὴν Κυβέρνησιν ἐντὸς τῶν προσεχῶν ἡμερῶν. Ἡ ἀπόφασις ἀναμένεται μετ' ἐνδιαφέροντος παρὰ τοῦ κοινοῦ, τὸ ὁποῖον παρακολουθεῖ τὰς ἐξελίξεις.

καὶ τὰ σχετικὰ ζητήματα ἐξετάζονται ὑπὸ τῆς ἁρμοδίας ἐπιτροπῆς, ἡ ὁποία θὰ ὑποβάλῃ τὰς προτάσεις της εἰς τὴν Κυβέρνησιν ἐντὸς τῶν προσεχῶν ἡμερῶν. Ἡ ἀπόφασις ἀναμένεται μετ' ἐνδιαφέροντος παρὰ τοῦ κοινοῦ, τὸ ὁποῖον παρακολουθεῖ τὰς ἐξελίξεις.

Ἡ δ. Φιφὴ Πετρίδη

καὶ τὰ σχετικὰ ζητήματα ἐξετάζονται ὑπὸ τῆς ἁρμοδίας ἐπιτροπῆς, ἡ ὁποία θὰ ὑποβάλῃ τὰς προτάσεις της εἰς τὴν Κυβέρνησιν ἐντὸς τῶν προσεχῶν ἡμερῶν. Ἡ ἀπόφασις ἀναμένεται μετ' ἐνδιαφέροντος παρὰ τοῦ κοινοῦ, τὸ ὁποῖον παρακολουθεῖ τὰς ἐξελίξεις.

καὶ τὰ σχετικὰ ζητήματα ἐξετάζονται ὑπὸ τῆς ἁρμοδίας ἐπιτροπῆς, ἡ ὁποία θὰ ὑποβάλῃ τὰς προτάσεις της εἰς τὴν Κυβέρνησιν ἐντὸς τῶν προσεχῶν ἡμερῶν. Ἡ ἀπόφασις ἀναμένεται μετ' ἐνδιαφέροντος παρὰ τοῦ κοινοῦ, τὸ ὁποῖον παρακολουθεῖ τὰς ἐξελίξεις.

Ἡ δ. Ἀργυροπούλου
Ἡ δ. Ἄλίκη Λαλαουνίου

Ἡ ὀμορφιὰ καὶ ἡ χάρις τῶν κοστουμιῶν ἐντυπωσίασαν ὅλους τοὺς παρισταμένους.

καὶ τὰ σχετικὰ ζητήματα ἐξετάζονται ὑπὸ τῆς ἁρμοδίας ἐπιτροπῆς, ἡ ὁποία θὰ ὑποβάλῃ τὰς προτάσεις της εἰς τὴν Κυβέρνησιν ἐντὸς τῶν προσεχῶν ἡμερῶν. Ἡ ἀπόφασις ἀναμένεται μετ' ἐνδιαφέροντος παρὰ τοῦ κοινοῦ, τὸ ὁποῖον παρακολουθεῖ τὰς ἐξελίξεις.

καὶ τὰ σχετικὰ ζητήματα ἐξετάζονται ὑπὸ τῆς ἁρμοδίας ἐπιτροπῆς, ἡ ὁποία θὰ ὑποβάλῃ τὰς προτάσεις της εἰς τὴν Κυβέρνησιν ἐντὸς τῶν προσεχῶν ἡμερῶν. Ἡ ἀπόφασις ἀναμένεται μετ' ἐνδιαφέροντος παρὰ τοῦ κοινοῦ, τὸ ὁποῖον παρακολουθεῖ τὰς ἐξελίξεις.

καὶ τὰ σχετικὰ ζητήματα ἐξετάζονται ὑπὸ τῆς ἁρμοδίας ἐπιτροπῆς, ἡ ὁποία θὰ ὑποβάλῃ τὰς προτάσεις της εἰς τὴν Κυβέρνησιν ἐντὸς τῶν προσεχῶν ἡμερῶν. Ἡ ἀπόφασις ἀναμένεται μετ' ἐνδιαφέροντος παρὰ τοῦ κοινοῦ, τὸ ὁποῖον παρακολουθεῖ τὰς ἐξελίξεις.

τὴν ἑλληνικὴν ζωὴν καὶ γιορτὴ καὶ στὶς μουσικὲς ἁρμονίες.

καὶ τὰ σχετικὰ ζητήματα ἐξετάζονται ὑπὸ τῆς ἁρμοδίας ἐπιτροπῆς, ἡ ὁποία θὰ ὑποβάλῃ τὰς προτάσεις της εἰς τὴν Κυβέρνησιν ἐντὸς τῶν προσεχῶν ἡμερῶν. Ἡ ἀπόφασις ἀναμένεται μετ' ἐνδιαφέροντος παρὰ τοῦ κοινοῦ, τὸ ὁποῖον παρακολουθεῖ τὰς ἐξελίξεις.

καὶ τὰ σχετικὰ ζητήματα ἐξετάζονται ὑπὸ τῆς ἁρμοδίας ἐπιτροπῆς, ἡ ὁποία θὰ ὑποβάλῃ τὰς προτάσεις της εἰς τὴν Κυβέρνησιν ἐντὸς τῶν προσεχῶν ἡμερῶν. Ἡ ἀπόφασις ἀναμένεται μετ' ἐνδιαφέροντος παρὰ τοῦ κοινοῦ, τὸ ὁποῖον παρακολουθεῖ τὰς ἐξελίξεις.

καὶ τὰ σχετικὰ ζητήματα ἐξετάζονται ὑπὸ τῆς ἁρμοδίας ἐπιτροπῆς, ἡ ὁποία θὰ ὑποβάλῃ τὰς προτάσεις της εἰς τὴν Κυβέρνησιν ἐντὸς τῶν προσεχῶν ἡμερῶν. Ἡ ἀπόφασις ἀναμένεται μετ' ἐνδιαφέροντος παρὰ τοῦ κοινοῦ, τὸ ὁποῖον παρακολουθεῖ τὰς ἐξελίξεις.

καὶ τὰ σχετικὰ ζητήματα ἐξετάζονται ὑπὸ τῆς ἁρμοδίας ἐπιτροπῆς, ἡ ὁποία θὰ ὑποβάλῃ τὰς προτάσεις της εἰς τὴν Κυβέρνησιν ἐντὸς τῶν προσεχῶν ἡμερῶν. Ἡ ἀπόφασις ἀναμένεται μετ' ἐνδιαφέροντος παρὰ τοῦ κοινοῦ, τὸ ὁποῖον παρακολουθεῖ τὰς ἐξελίξεις.

καὶ τὰ σχετικὰ ζητήματα ἐξετάζονται ὑπὸ τῆς ἁρμοδίας ἐπιτροπῆς, ἡ ὁποία θὰ ὑποβάλῃ τὰς προτάσεις της εἰς τὴν Κυβέρνησιν ἐντὸς τῶν προσεχῶν ἡμερῶν. Ἡ ἀπόφασις ἀναμένεται μετ' ἐνδιαφέροντος παρὰ τοῦ κοινοῦ, τὸ ὁποῖον παρακολουθεῖ τὰς ἐξελίξεις.

καὶ τὰ σχετικὰ ζητήματα ἐξετάζονται ὑπὸ τῆς ἁρμοδίας ἐπιτροπῆς, ἡ ὁποία θὰ ὑποβάλῃ τὰς προτάσεις της εἰς τὴν Κυβέρνησιν ἐντὸς τῶν προσεχῶν ἡμερῶν. Ἡ ἀπόφασις ἀναμένεται μετ' ἐνδιαφέροντος παρὰ τοῦ κοινοῦ, τὸ ὁποῖον παρακολουθεῖ τὰς ἐξελίξεις.

καὶ τὰ σχετικὰ ζητήματα ἐξετάζονται ὑπὸ τῆς ἁρμοδίας ἐπιτροπῆς, ἡ ὁποία θὰ ὑποβάλῃ τὰς προτάσεις της εἰς τὴν Κυβέρνησιν ἐντὸς τῶν προσεχῶν ἡμερῶν. Ἡ ἀπόφασις ἀναμένεται μετ' ἐνδιαφέροντος παρὰ τοῦ κοινοῦ, τὸ ὁποῖον παρακολουθεῖ τὰς ἐξελίξεις.

καὶ τὰ σχετικὰ ζητήματα ἐξετάζονται ὑπὸ τῆς ἁρμοδίας ἐπιτροπῆς, ἡ ὁποία θὰ ὑποβάλῃ τὰς προτάσεις της εἰς τὴν Κυβέρνησιν ἐντὸς τῶν προσεχῶν ἡμερῶν. Ἡ ἀπόφασις ἀναμένεται μετ' ἐνδιαφέροντος παρὰ τοῦ κοινοῦ, τὸ ὁποῖον παρακολουθεῖ τὰς ἐξελίξεις.

καὶ τὰ σχετικὰ ζητήματα ἐξετάζονται ὑπὸ τῆς ἁρμοδίας ἐπιτροπῆς, ἡ ὁποία θὰ ὑποβάλῃ τὰς προτάσεις της εἰς τὴν Κυβέρνησιν ἐντὸς τῶν προσεχῶν ἡμερῶν. Ἡ ἀπόφασις ἀναμένεται μετ' ἐνδιαφέροντος παρὰ τοῦ κοινοῦ, τὸ ὁποῖον παρακολουθεῖ τὰς ἐξελίξεις.

καὶ τὰ σχετικὰ ζητήματα ἐξετάζονται ὑπὸ τῆς ἁρμοδίας ἐπιτροπῆς, ἡ ὁποία θὰ ὑποβάλῃ τὰς προτάσεις της εἰς τὴν Κυβέρνησιν ἐντὸς τῶν προσεχῶν ἡμερῶν. Ἡ ἀπόφασις ἀναμένεται μετ' ἐνδιαφέροντος παρὰ τοῦ κοινοῦ, τὸ ὁποῖον παρακολουθεῖ τὰς ἐξελίξεις.

καὶ τὰ σχετικὰ ζητήματα ἐξετάζονται ὑπὸ τῆς ἁρμοδίας ἐπιτροπῆς, ἡ ὁποία θὰ ὑποβάλῃ τὰς προτάσεις της εἰς τὴν Κυβέρνησιν ἐντὸς τῶν προσεχῶν ἡμερῶν. Ἡ ἀπόφασις ἀναμένεται μετ' ἐνδιαφέροντος παρὰ τοῦ κοινοῦ, τὸ ὁποῖον παρακολουθεῖ τὰς ἐξελίξεις.

ΥΠΟΔΗΜΑΤΑ ΧΟΡΟΥ
Ἐλαφρὰ — Κομψὰ — Μοντέρνα
καὶ
Διάφορες Φόρμες
ΑΝΔΡΙΚΩΝ
ΓΥΝΑΙΚΕΙΩΝ
ΚΑΙ ΠΑΙΔΙΚΩΝ
ΥΠΟΔΗΜΑΤΩΝ
ἔχει μόνον τὸ Κατάστημα
ΚΩΝΣΤ. ΚΑΛΟΓΗΡΟΥ
Πλατεία Κολοκοτρώνη ἀρ. 1
ΕΛΛΗΝΙΚΗ ΔΗΜΟΚΡΑΤΙΑ

Ἡ Ὑπουργικὴ Ἐπιτροπὴ τῶν Ἀνδρογύνων ἀνακοινοῖ ὅτι ἡ συνεδρίασις ἀναβάλλεται.

καὶ τὰ σχετικὰ ζητήματα ἐξετάζονται ὑπὸ τῆς ἁρμοδίας ἐπιτροπῆς, ἡ ὁποία θὰ ὑποβάλῃ τὰς προτάσεις της εἰς τὴν Κυβέρνησιν ἐντὸς τῶν προσεχῶν ἡμερῶν. Ἡ ἀπόφασις ἀναμένεται μετ' ἐνδιαφέροντος παρὰ τοῦ κοινοῦ, τὸ ὁποῖον παρακολουθεῖ τὰς ἐξελίξεις.

καὶ τὰ σχετικὰ ζητήματα ἐξετάζονται ὑπὸ τῆς ἁρμοδίας ἐπιτροπῆς, ἡ ὁποία θὰ ὑποβάλῃ τὰς προτάσεις της εἰς τὴν Κυβέρνησιν ἐντὸς τῶν προσεχῶν ἡμερῶν. Ἡ ἀπόφασις ἀναμένεται μετ' ἐνδιαφέροντος παρὰ τοῦ κοινοῦ, τὸ ὁποῖον παρακολουθεῖ τὰς ἐξελίξεις.

καὶ τὰ σχετικὰ ζητήματα ἐξετάζονται ὑπὸ τῆς ἁρμοδίας ἐπιτροπῆς, ἡ ὁποία θὰ ὑποβάλῃ τὰς προτάσεις της εἰς τὴν Κυβέρνησιν ἐντὸς τῶν προσεχῶν ἡμερῶν. Ἡ ἀπόφασις ἀναμένεται μετ' ἐνδιαφέροντος παρὰ τοῦ κοινοῦ, τὸ ὁποῖον παρακολουθεῖ τὰς ἐξελίξεις.

καὶ τὰ σχετικὰ ζητήματα ἐξετάζονται ὑπὸ τῆς ἁρμοδίας ἐπιτροπῆς, ἡ ὁποία θὰ ὑποβάλῃ τὰς προτάσεις της εἰς τὴν Κυβέρνησιν ἐντὸς τῶν προσεχῶν ἡμερῶν. Ἡ ἀπόφασις ἀναμένεται μετ' ἐνδιαφέροντος παρὰ τοῦ κοινοῦ, τὸ ὁποῖον παρακολουθεῖ τὰς ἐξελίξεις.

ΜΙΑ ΠΡΩΤΗΣ ΤΑΞΕΩΣ ΕΥΚΑΙΡΙΑ

Τὸ μοναδικὸν ἐν τῇ Ἀνατολῇ ἐργοστάσιον μας ἔχει νὰ πωλήσῃ μετὰ ἐκπτώσεως 20%.

καὶ τὰ σχετικὰ ζητήματα ἐξετάζονται ὑπὸ τῆς ἁρμοδίας ἐπιτροπῆς, ἡ ὁποία θὰ ὑποβάλῃ τὰς προτάσεις της εἰς τὴν Κυβέρνησιν ἐντὸς τῶν προσεχῶν ἡμερῶν. Ἡ ἀπόφασις ἀναμένεται μετ' ἐνδιαφέροντος παρὰ τοῦ κοινοῦ, τὸ ὁποῖον παρακολουθεῖ τὰς ἐξελίξεις.

ΕΡΓΟΣΤΑΣΙΟΝ ΜΕΤΑΞΟΥΡΓΕΙΩΝ ΚΟΠΑΚΑΚΗ
